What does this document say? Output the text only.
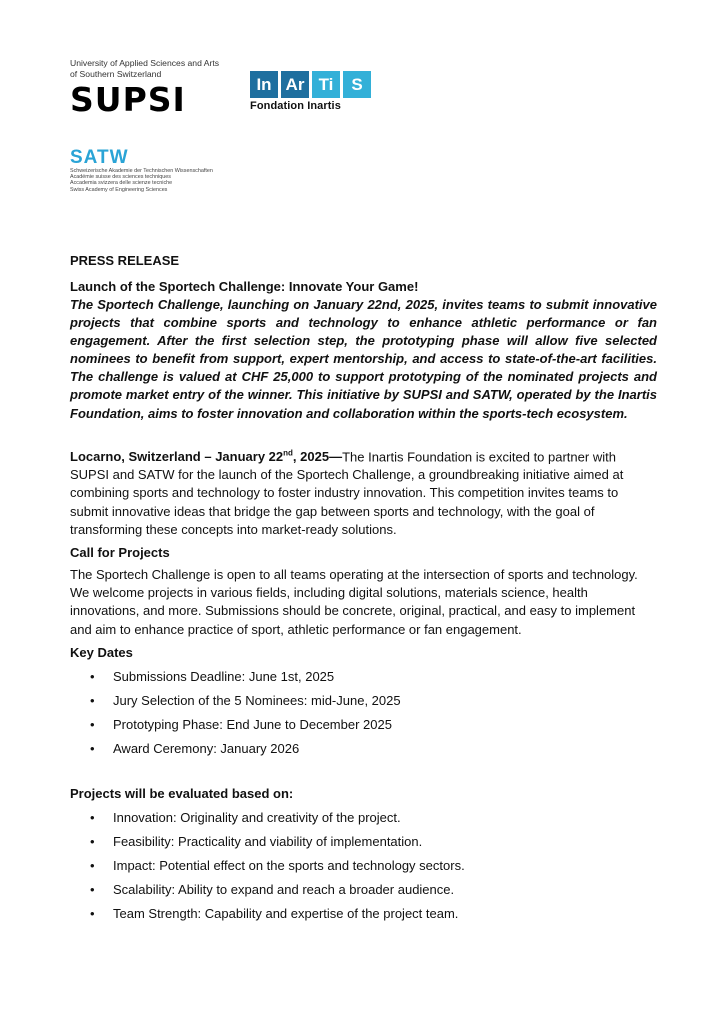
University of Applied Sciences and Arts
of Southern Switzerland
SUPSI	In Ar Ti	S
Fondation Inartis
SATW
Schweizerische Akademie der Technischen Wissenschaften
Académie suisse des sciences techniques
Accademia svizzera delle scienze tecniche
Swiss Academy of Engineering Sciences
PRESS RELEASE
Launch of the Sportech Challenge: Innovate Your Game!
The Sportech Challenge, launching on January 22nd, 2025, invites teams to submit innovative projects that combine sports and technology to enhance athletic performance or fan engagement. After the first selection step, the prototyping phase will allow five selected nominees to benefit from support, expert mentorship, and access to state-of-the-art facilities. The challenge is valued at CHF 25,000 to support prototyping of the nominated projects and promote market entry of the winner. This initiative by SUPSI and SATW, operated by the Inartis Foundation, aims to foster innovation and collaboration within the sports-tech ecosystem.
Locarno, Switzerland – January 22nd, 2025—The Inartis Foundation is excited to partner with SUPSI and SATW for the launch of the Sportech Challenge, a groundbreaking initiative aimed at combining sports and technology to foster industry innovation. This competition invites teams to submit innovative ideas that bridge the gap between sports and technology, with the goal of transforming these concepts into market-ready solutions.
Call for Projects
The Sportech Challenge is open to all teams operating at the intersection of sports and technology. We welcome projects in various fields, including digital solutions, materials science, health innovations, and more. Submissions should be concrete, original, practical, and easy to implement and aim to enhance practice of sport, athletic performance or fan engagement.
Key Dates
• Submissions Deadline: June 1st, 2025
• Jury Selection of the 5 Nominees: mid-June, 2025
• Prototyping Phase: End June to December 2025
• Award Ceremony: January 2026
Projects will be evaluated based on:
• Innovation: Originality and creativity of the project.
• Feasibility: Practicality and viability of implementation.
• Impact: Potential effect on the sports and technology sectors.
• Scalability: Ability to expand and reach a broader audience.
• Team Strength: Capability and expertise of the project team.
